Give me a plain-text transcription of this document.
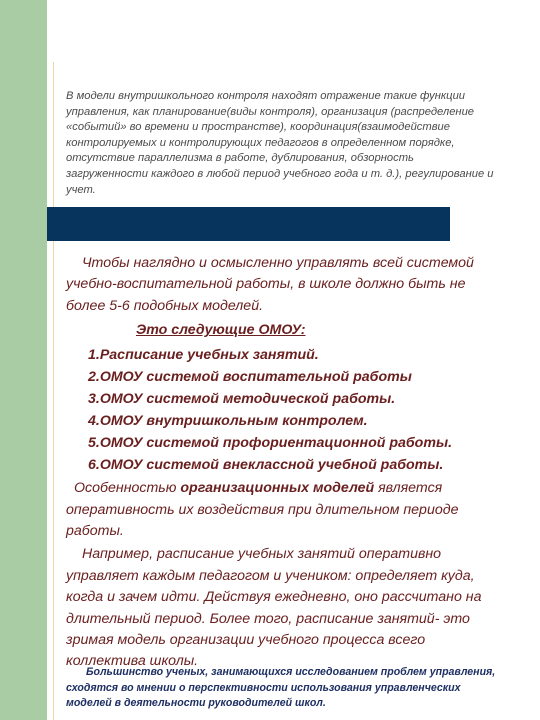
В модели внутришкольного контроля находят отражение такие функции управления, как планирование(виды контроля), организация (распределение «событий» во времени и пространстве), координация(взаимодействие контролируемых и контролирующих педагогов в определенном порядке, отсутствие параллелизма в работе, дублирования, обзорность загруженности каждого в любой период учебного года и т. д.), регулирование и учет.

Чтобы наглядно и осмысленно управлять всей системой учебно-воспитательной работы, в школе должно быть не более 5-6 подобных моделей.

Это следующие ОМОУ:
1.Расписание учебных занятий.
2.ОМОУ системой воспитательной работы
3.ОМОУ системой методической работы.
4.ОМОУ внутришкольным контролем.
5.ОМОУ системой профориентационной работы.
6.ОМОУ системой внеклассной учебной работы.

Особенностью организационных моделей является оперативность их воздействия при длительном периоде работы.

Например, расписание учебных занятий оперативно управляет каждым педагогом и учеником: определяет куда, когда и зачем идти. Действуя ежедневно, оно рассчитано на длительный период. Более того, расписание занятий- это зримая модель организации учебного процесса всего коллектива школы.

Большинство ученых, занимающихся исследованием проблем управления, сходятся во мнении о перспективности использования управленческих моделей в деятельности руководителей школ.
